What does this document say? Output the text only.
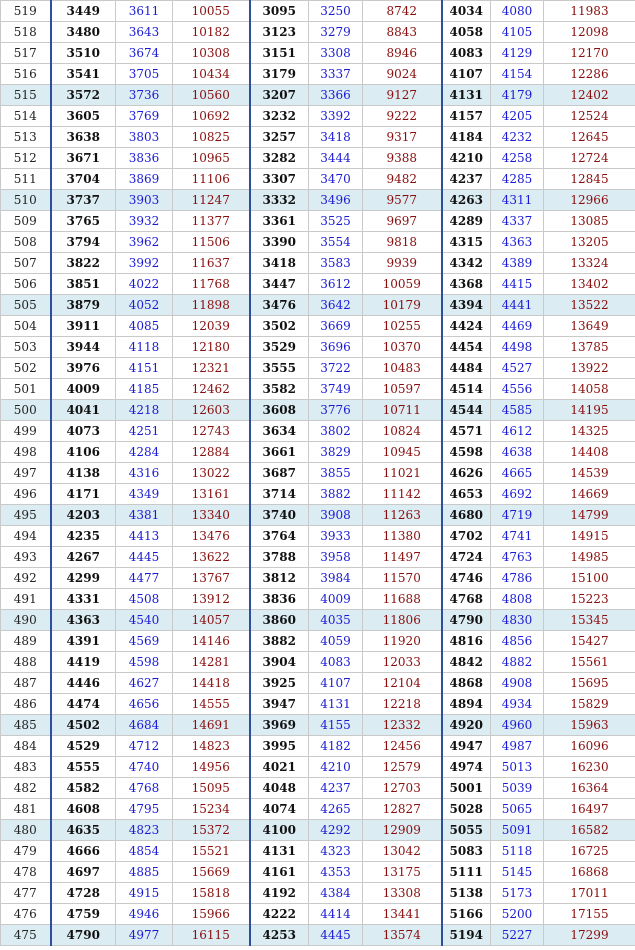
519	3449	3611	10055	3095	3250	8742	4034	4080	11983
518	3480	3643	10182	3123	3279	8843	4058	4105	12098
517	3510	3674	10308	3151	3308	8946	4083	4129	12170
516	3541	3705	10434	3179	3337	9024	4107	4154	12286
515	3572	3736	10560	3207	3366	9127	4131	4179	12402
514	3605	3769	10692	3232	3392	9222	4157	4205	12524
513	3638	3803	10825	3257	3418	9317	4184	4232	12645
512	3671	3836	10965	3282	3444	9388	4210	4258	12724
511	3704	3869	11106	3307	3470	9482	4237	4285	12845
510	3737	3903	11247	3332	3496	9577	4263	4311	12966
509	3765	3932	11377	3361	3525	9697	4289	4337	13085
508	3794	3962	11506	3390	3554	9818	4315	4363	13205
507	3822	3992	11637	3418	3583	9939	4342	4389	13324
506	3851	4022	11768	3447	3612	10059	4368	4415	13402
505	3879	4052	11898	3476	3642	10179	4394	4441	13522
504	3911	4085	12039	3502	3669	10255	4424	4469	13649
503	3944	4118	12180	3529	3696	10370	4454	4498	13785
502	3976	4151	12321	3555	3722	10483	4484	4527	13922
501	4009	4185	12462	3582	3749	10597	4514	4556	14058
500	4041	4218	12603	3608	3776	10711	4544	4585	14195
499	4073	4251	12743	3634	3802	10824	4571	4612	14325
498	4106	4284	12884	3661	3829	10945	4598	4638	14408
497	4138	4316	13022	3687	3855	11021	4626	4665	14539
496	4171	4349	13161	3714	3882	11142	4653	4692	14669
495	4203	4381	13340	3740	3908	11263	4680	4719	14799
494	4235	4413	13476	3764	3933	11380	4702	4741	14915
493	4267	4445	13622	3788	3958	11497	4724	4763	14985
492	4299	4477	13767	3812	3984	11570	4746	4786	15100
491	4331	4508	13912	3836	4009	11688	4768	4808	15223
490	4363	4540	14057	3860	4035	11806	4790	4830	15345
489	4391	4569	14146	3882	4059	11920	4816	4856	15427
488	4419	4598	14281	3904	4083	12033	4842	4882	15561
487	4446	4627	14418	3925	4107	12104	4868	4908	15695
486	4474	4656	14555	3947	4131	12218	4894	4934	15829
485	4502	4684	14691	3969	4155	12332	4920	4960	15963
484	4529	4712	14823	3995	4182	12456	4947	4987	16096
483	4555	4740	14956	4021	4210	12579	4974	5013	16230
482	4582	4768	15095	4048	4237	12703	5001	5039	16364
481	4608	4795	15234	4074	4265	12827	5028	5065	16497
480	4635	4823	15372	4100	4292	12909	5055	5091	16582
479	4666	4854	15521	4131	4323	13042	5083	5118	16725
478	4697	4885	15669	4161	4353	13175	5111	5145	16868
477	4728	4915	15818	4192	4384	13308	5138	5173	17011
476	4759	4946	15966	4222	4414	13441	5166	5200	17155
475	4790	4977	16115	4253	4445	13574	5194	5227	17299
